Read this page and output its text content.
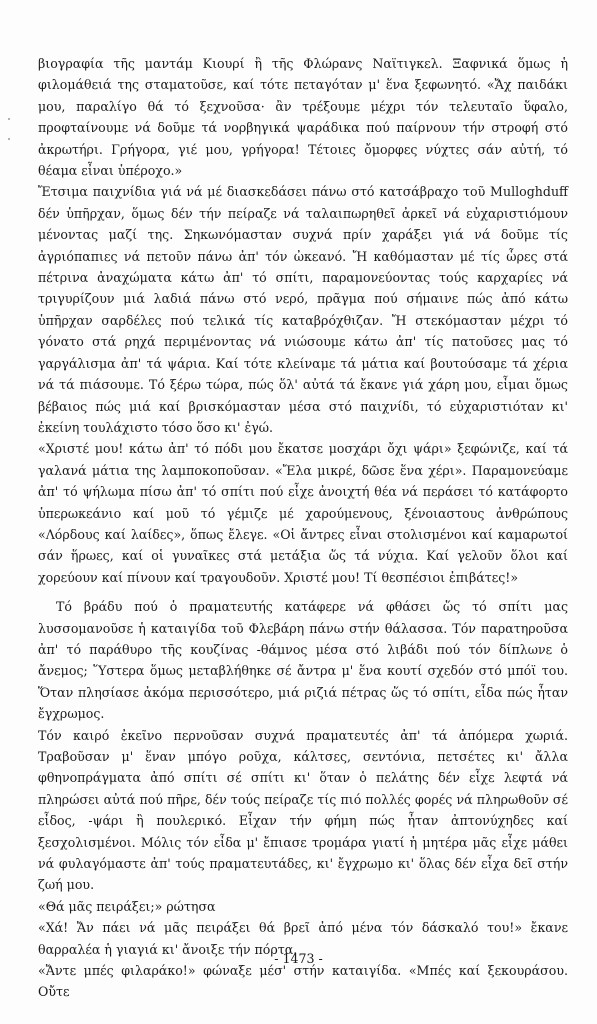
βιογραφία τῆς μαντάμ Κιουρί ἢ τῆς Φλώρανς Ναϊτιγκελ. Ξαφνικά ὅμως ἡ φιλομάθειά της σταματοῦσε, καί τότε πεταγόταν μ' ἕνα ξεφωνητό. «Ἄχ παιδάκι μου, παραλίγο θά τό ξεχνοῦσα· ἂν τρέξουμε μέχρι τόν τελευταῖο ὕφαλο, προφταίνουμε νά δοῦμε τά νορβηγικά ψαράδικα πού παίρνουν τήν στροφή στό ἀκρωτήρι. Γρήγορα, γιέ μου, γρήγορα! Τέτοιες ὄμορφες νύχτες σάν αὐτή, τό θέαμα εἶναι ὑπέροχο.»

Ἔτσιμα παιχνίδια γιά νά μέ διασκεδάσει πάνω στό κατσάβραχο τοῦ Mulloghduff δέν ὑπῆρχαν, ὅμως δέν τήν πείραζε νά ταλαιπωρηθεῖ ἀρκεῖ νά εὐχαριστιόμουν μένοντας μαζί της. Σηκωνόμασταν συχνά πρίν χαράξει γιά νά δοῦμε τίς ἀγριόπαπιες νά πετοῦν πάνω ἀπ' τόν ὠκεανό. Ἤ καθόμασταν μέ τίς ὧρες στά πέτρινα ἀναχώματα κάτω ἀπ' τό σπίτι, παραμονεύοντας τούς καρχαρίες νά τριγυρίζουν μιά λαδιά πάνω στό νερό, πρᾶγμα πού σήμαινε πώς ἀπό κάτω ὑπῆρχαν σαρδέλες πού τελικά τίς καταβρόχθιζαν. Ἤ στεκόμασταν μέχρι τό γόνατο στά ρηχά περιμένοντας νά νιώσουμε κάτω ἀπ' τίς πατοῦσες μας τό γαργάλισμα ἀπ' τά ψάρια. Καί τότε κλείναμε τά μάτια καί βουτούσαμε τά χέρια νά τά πιάσουμε. Τό ξέρω τώρα, πώς ὅλ' αὐτά τά ἔκανε γιά χάρη μου, εἶμαι ὅμως βέβαιος πώς μιά καί βρισκόμασταν μέσα στό παιχνίδι, τό εὐχαριστιόταν κι' ἐκείνη τουλάχιστο τόσο ὅσο κι' ἐγώ.

«Χριστέ μου! κάτω ἀπ' τό πόδι μου ἔκατσε μοσχάρι ὄχι ψάρι» ξεφώνιζε, καί τά γαλανά μάτια της λαμποκοποῦσαν. «Ἔλα μικρέ, δῶσε ἕνα χέρι». Παραμονεύαμε ἀπ' τό ψήλωμα πίσω ἀπ' τό σπίτι πού εἶχε ἀνοιχτή θέα νά περάσει τό κατάφορτο ὑπερωκεάνιο καί μοῦ τό γέμιζε μέ χαρούμενους, ξένοιαστους ἀνθρώπους «Λόρδους καί λαίδες», ὅπως ἔλεγε. «Οἱ ἄντρες εἶναι στολισμένοι καί καμαρωτοί σάν ἥρωες, καί οἱ γυναῖκες στά μετάξια ὥς τά νύχια. Καί γελοῦν ὅλοι καί χορεύουν καί πίνουν καί τραγουδοῦν. Χριστέ μου! Τί θεσπέσιοι ἐπιβάτες!»

Τό βράδυ πού ὁ πραματευτής κατάφερε νά φθάσει ὥς τό σπίτι μας λυσσομανοῦσε ἡ καταιγίδα τοῦ Φλεβάρη πάνω στήν θάλασσα. Τόν παρατηροῦσα ἀπ' τό παράθυρο τῆς κουζίνας -θάμνος μέσα στό λιβάδι πού τόν δίπλωνε ὁ ἄνεμος; Ὕστερα ὅμως μεταβλήθηκε σέ ἄντρα μ' ἕνα κουτί σχεδόν στό μπόϊ του. Ὅταν πλησίασε ἀκόμα περισσότερο, μιά ριζιά πέτρας ὥς τό σπίτι, εἶδα πώς ἦταν ἔγχρωμος.

Τόν καιρό ἐκεῖνο περνοῦσαν συχνά πραματευτές ἀπ' τά ἀπόμερα χωριά. Τραβοῦσαν μ' ἕναν μπόγο ροῦχα, κάλτσες, σεντόνια, πετσέτες κι' ἄλλα φθηνοπράγματα ἀπό σπίτι σέ σπίτι κι' ὅταν ὁ πελάτης δέν εἶχε λεφτά νά πληρώσει αὐτά πού πῆρε, δέν τούς πείραζε τίς πιό πολλές φορές νά πληρωθοῦν σέ εἶδος, -ψάρι ἢ πουλερικό. Εἶχαν τήν φήμη πώς ἦταν ἀπτονύχηδες καί ξεσχολισμένοι. Μόλις τόν εἶδα μ' ἔπιασε τρομάρα γιατί ἡ μητέρα μᾶς εἶχε μάθει νά φυλαγόμαστε ἀπ' τούς πραματευτάδες, κι' ἔγχρωμο κι' ὅλας δέν εἶχα δεῖ στήν ζωή μου.

«Θά μᾶς πειράξει;» ρώτησα

«Χά! Ἄν πάει νά μᾶς πειράξει θά βρεῖ ἀπό μένα τόν δάσκαλό του!» ἔκανε θαρραλέα ἡ γιαγιά κι' ἄνοιξε τήν πόρτα.

«Ἄντε μπές φιλαράκο!» φώναξε μέσ' στήν καταιγίδα. «Μπές καί ξεκουράσου. Οὔτε

- 1473 -
